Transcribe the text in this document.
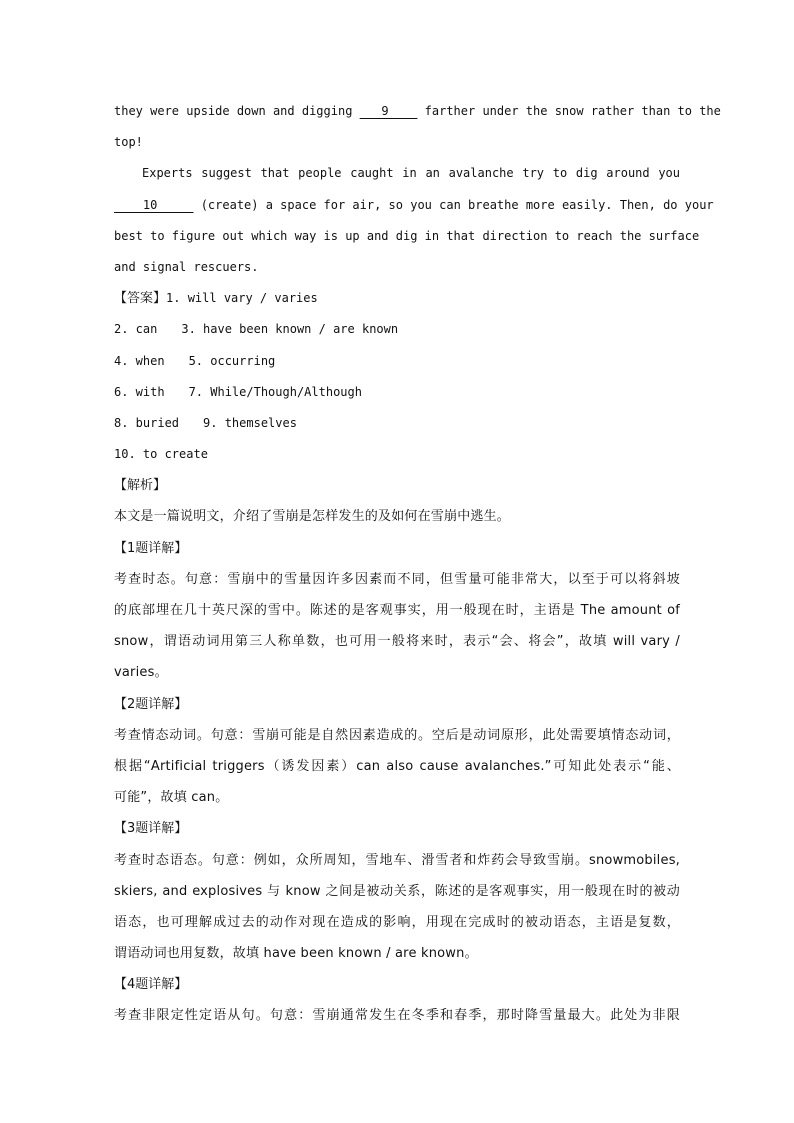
they were upside down and digging    9     farther under the snow rather than to the
top!
Experts suggest that people caught in an avalanche try to dig around you
10      (create) a space for air, so you can breathe more easily. Then, do your
best to figure out which way is up and dig in that direction to reach the surface
and signal rescuers.
【答案】1. will vary / varies
2. can 3. have been known / are known
4. when 5. occurring
6. with 7. While/Though/Although
8. buried 9. themselves
10. to create
【解析】
本文是一篇说明文，介绍了雪崩是怎样发生的及如何在雪崩中逃生。
【1题详解】
考查时态。句意：雪崩中的雪量因许多因素而不同，但雪量可能非常大，以至于可以将斜坡
的底部埋在几十英尺深的雪中。陈述的是客观事实，用一般现在时，主语是 The amount of
snow，谓语动词用第三人称单数，也可用一般将来时，表示“会、将会”，故填 will vary /
varies。
【2题详解】
考查情态动词。句意：雪崩可能是自然因素造成的。空后是动词原形，此处需要填情态动词，
根据“Artificial triggers（诱发因素）can also cause avalanches.”可知此处表示“能、
可能”，故填 can。
【3题详解】
考查时态语态。句意：例如，众所周知，雪地车、滑雪者和炸药会导致雪崩。snowmobiles,
skiers, and explosives 与 know 之间是被动关系，陈述的是客观事实，用一般现在时的被动
语态，也可理解成过去的动作对现在造成的影响，用现在完成时的被动语态，主语是复数，
谓语动词也用复数，故填 have been known / are known。
【4题详解】
考查非限定性定语从句。句意：雪崩通常发生在冬季和春季，那时降雪量最大。此处为非限
